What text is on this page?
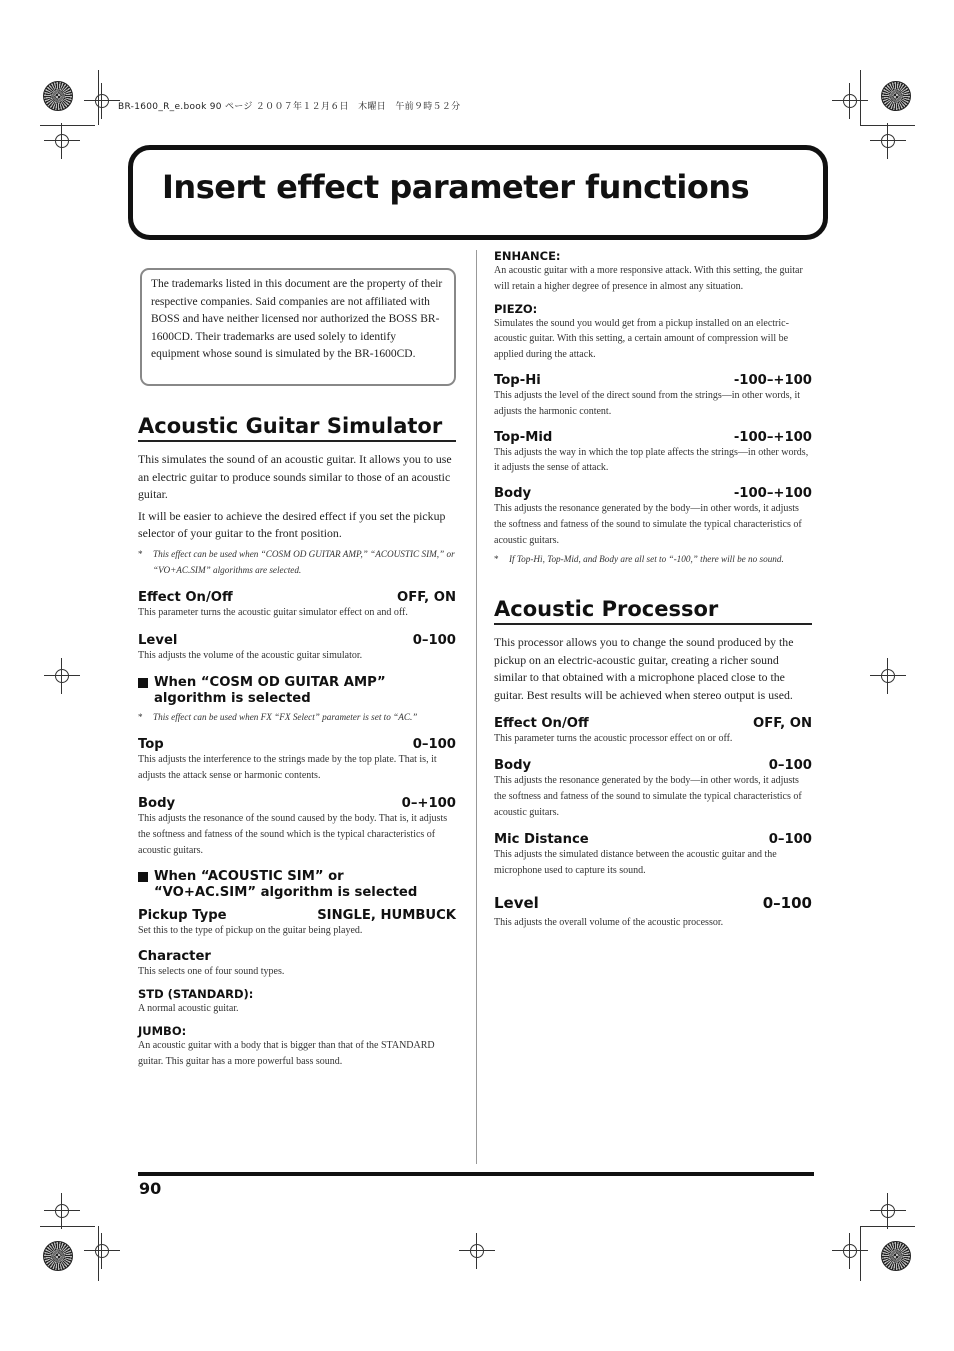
BR-1600_R_e.book 90 ページ ２００７年１２月６日　木曜日　午前９時５２分
Insert effect parameter functions
The trademarks listed in this document are the property of their respective companies. Said companies are not affiliated with BOSS and have neither licensed nor authorized the BOSS BR-1600CD. Their trademarks are used solely to identify equipment whose sound is simulated by the BR-1600CD.
Acoustic Guitar Simulator

This simulates the sound of an acoustic guitar. It allows you to use an electric guitar to produce sounds similar to those of an acoustic guitar.

It will be easier to achieve the desired effect if you set the pickup selector of your guitar to the front position.

* This effect can be used when “COSM OD GUITAR AMP,” “ACOUSTIC SIM,” or “VO+AC.SIM” algorithms are selected.

Effect On/Off	OFF, ON

This parameter turns the acoustic guitar simulator effect on and off.

Level	0–100

This adjusts the volume of the acoustic guitar simulator.

When “COSM OD GUITAR AMP” algorithm is selected

* This effect can be used when FX “FX Select” parameter is set to “AC.”

Top	0–100

This adjusts the interference to the strings made by the top plate. That is, it adjusts the attack sense or harmonic contents.

Body	0–+100

This adjusts the resonance of the sound caused by the body. That is, it adjusts the softness and fatness of the sound which is the typical characteristics of acoustic guitars.

When “ACOUSTIC SIM” or “VO+AC.SIM” algorithm is selected
Pickup Type	SINGLE, HUMBUCK

Set this to the type of pickup on the guitar being played.

Character

This selects one of four sound types.

STD (STANDARD):

A normal acoustic guitar.

JUMBO:

An acoustic guitar with a body that is bigger than that of the STANDARD guitar. This guitar has a more powerful bass sound.

ENHANCE:

An acoustic guitar with a more responsive attack. With this setting, the guitar will retain a higher degree of presence in almost any situation.

PIEZO:

Simulates the sound you would get from a pickup installed on an electric-acoustic guitar. With this setting, a certain amount of compression will be applied during the attack.

Top-Hi	-100–+100

This adjusts the level of the direct sound from the strings—in other words, it adjusts the harmonic content.

Top-Mid	-100–+100

This adjusts the way in which the top plate affects the strings—in other words, it adjusts the sense of attack.

Body	-100–+100

This adjusts the resonance generated by the body—in other words, it adjusts the softness and fatness of the sound to simulate the typical characteristics of acoustic guitars.

* If Top-Hi, Top-Mid, and Body are all set to “-100,” there will be no sound.

Acoustic Processor

This processor allows you to change the sound produced by the pickup on an electric-acoustic guitar, creating a richer sound similar to that obtained with a microphone placed close to the guitar. Best results will be achieved when stereo output is used.

Effect On/Off	OFF, ON

This parameter turns the acoustic processor effect on or off.

Body	0–100

This adjusts the resonance generated by the body—in other words, it adjusts the softness and fatness of the sound to simulate the typical characteristics of acoustic guitars.

Mic Distance	0–100

This adjusts the simulated distance between the acoustic guitar and the microphone used to capture its sound.

Level	0–100

This adjusts the overall volume of the acoustic processor.

90
